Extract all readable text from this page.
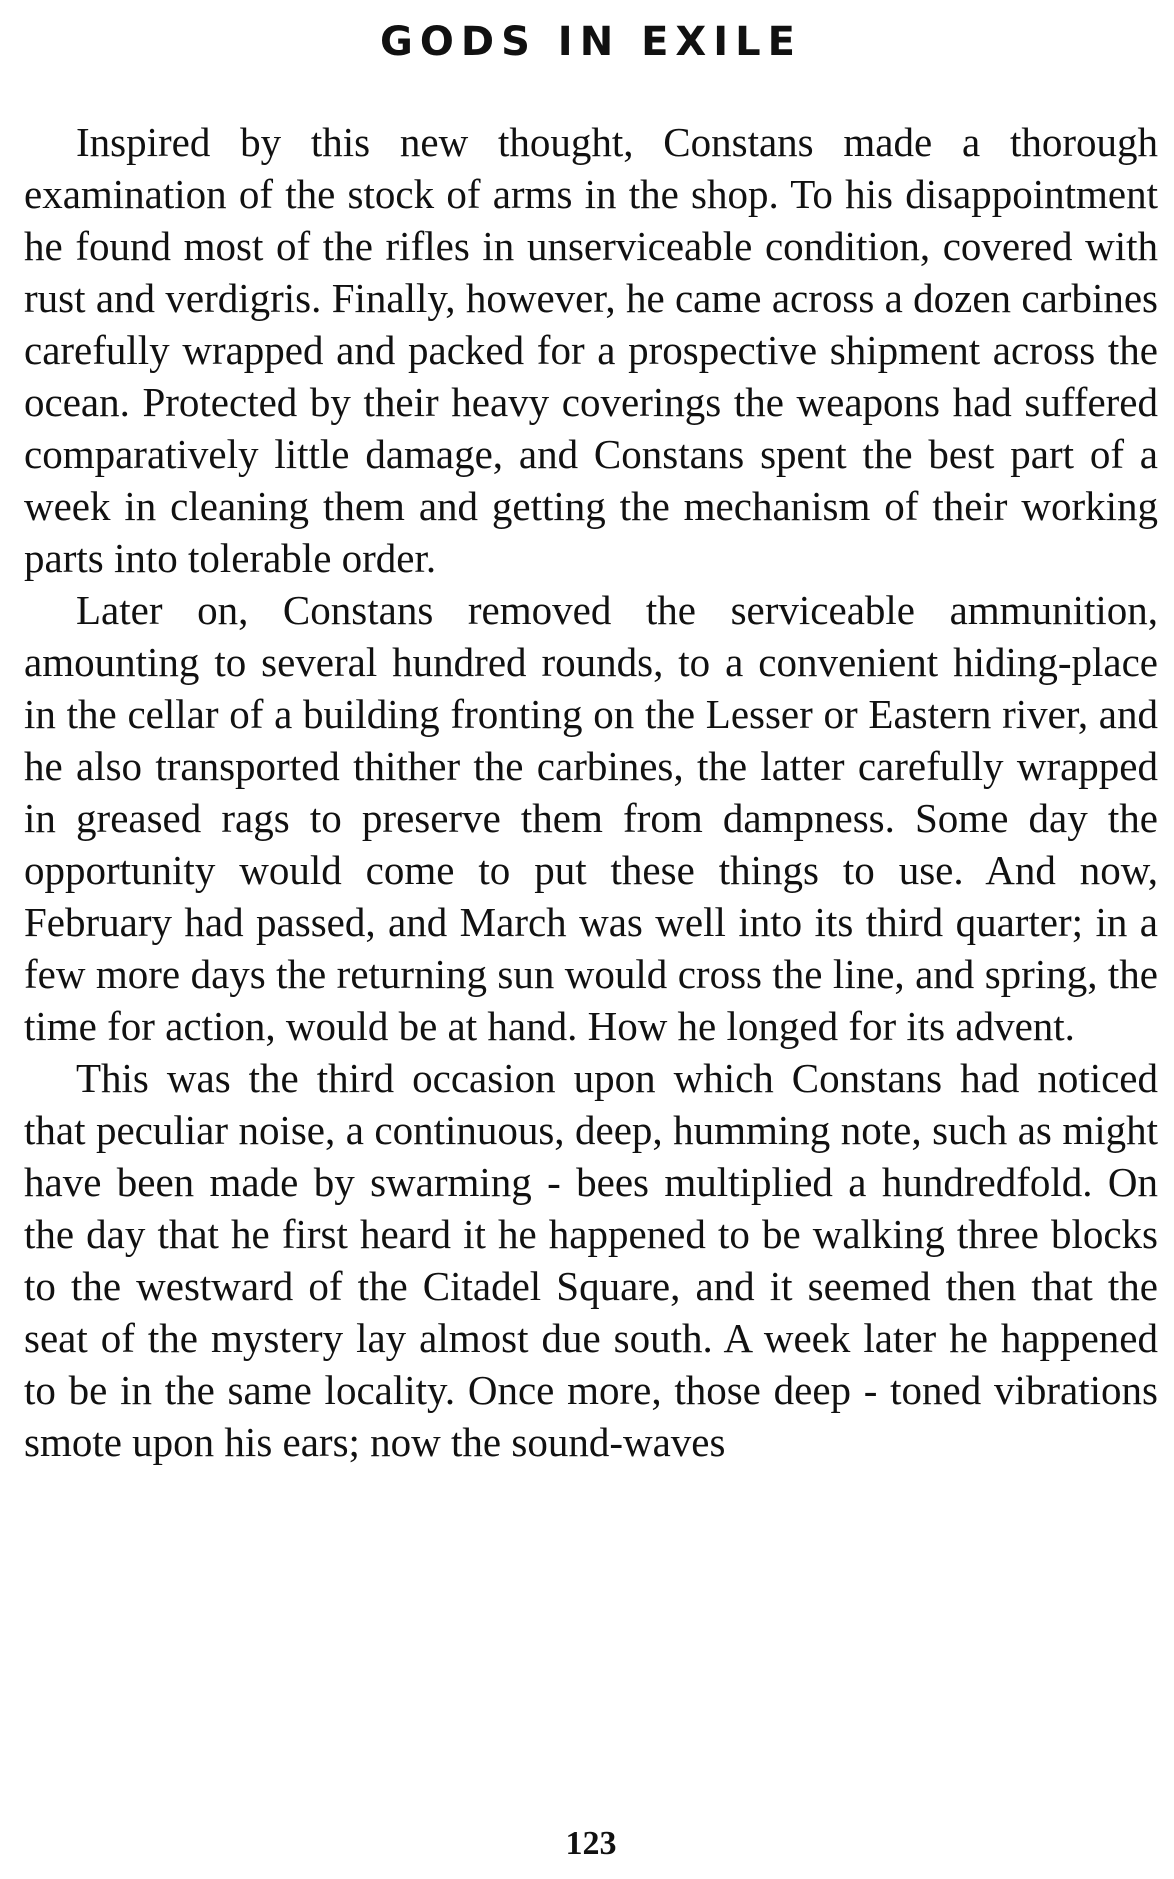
GODS IN EXILE

Inspired by this new thought, Constans made a thorough examination of the stock of arms in the shop. To his disappointment he found most of the rifles in unserviceable condition, covered with rust and verdigris. Finally, however, he came across a dozen carbines carefully wrapped and packed for a prospective shipment across the ocean. Protected by their heavy coverings the weapons had suffered comparatively little damage, and Constans spent the best part of a week in cleaning them and getting the mechanism of their working parts into tolerable order.

Later on, Constans removed the serviceable ammunition, amounting to several hundred rounds, to a convenient hiding-place in the cellar of a building fronting on the Lesser or Eastern river, and he also transported thither the carbines, the latter carefully wrapped in greased rags to preserve them from dampness. Some day the opportunity would come to put these things to use. And now, February had passed, and March was well into its third quarter; in a few more days the returning sun would cross the line, and spring, the time for action, would be at hand. How he longed for its advent.

This was the third occasion upon which Constans had noticed that peculiar noise, a continuous, deep, humming note, such as might have been made by swarming - bees multiplied a hundredfold. On the day that he first heard it he happened to be walking three blocks to the westward of the Citadel Square, and it seemed then that the seat of the mystery lay almost due south. A week later he happened to be in the same locality. Once more, those deep - toned vibrations smote upon his ears; now the sound-waves

123
